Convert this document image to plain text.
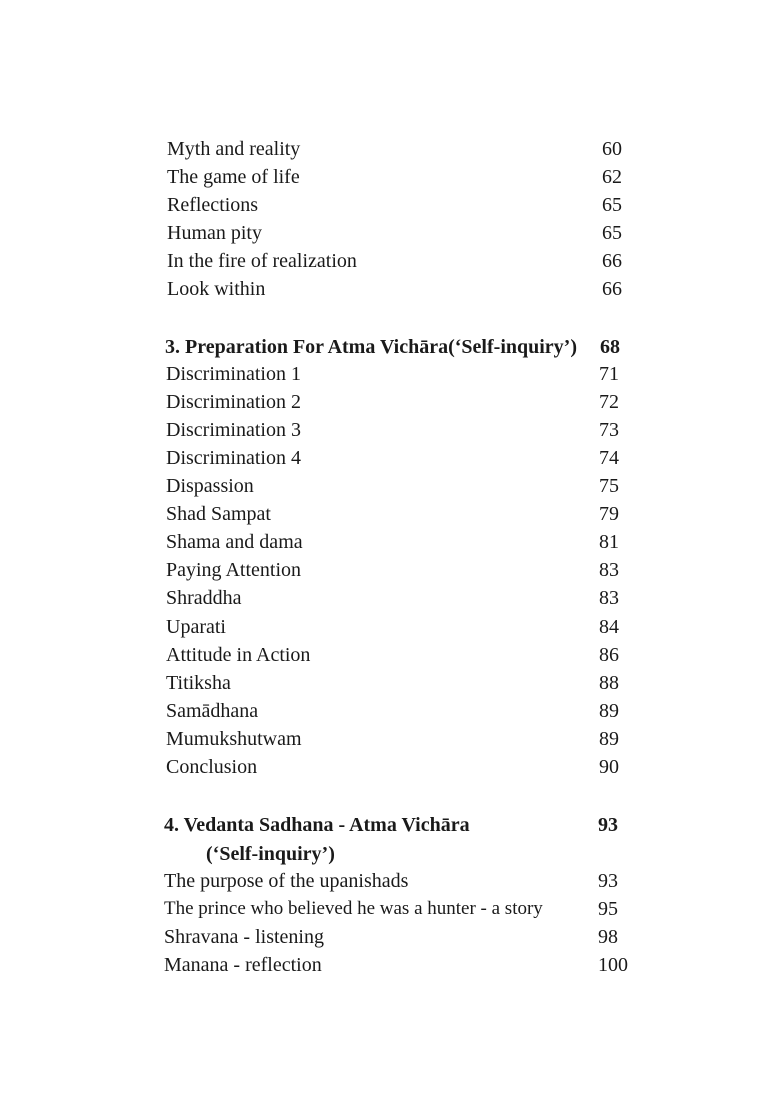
Myth and reality	60
The game of life	62
Reflections	65
Human pity	65
In the fire of realization	66
Look within	66
3. Preparation For Atma Vichāra(‘Self-inquiry’) 68
Discrimination 1	71
Discrimination 2	72
Discrimination 3	73
Discrimination 4	74
Dispassion	75
Shad Sampat	79
Shama and dama	81
Paying Attention	83
Shraddha	83
Uparati	84
Attitude in Action	86
Titiksha	88
Samādhana	89
Mumukshutwam	89
Conclusion	90
4. Vedanta Sadhana - Atma Vichāra	93
(‘Self-inquiry’)
The purpose of the upanishads	93
The prince who believed he was a hunter - a story	95
Shravana - listening	98
Manana - reflection	100
